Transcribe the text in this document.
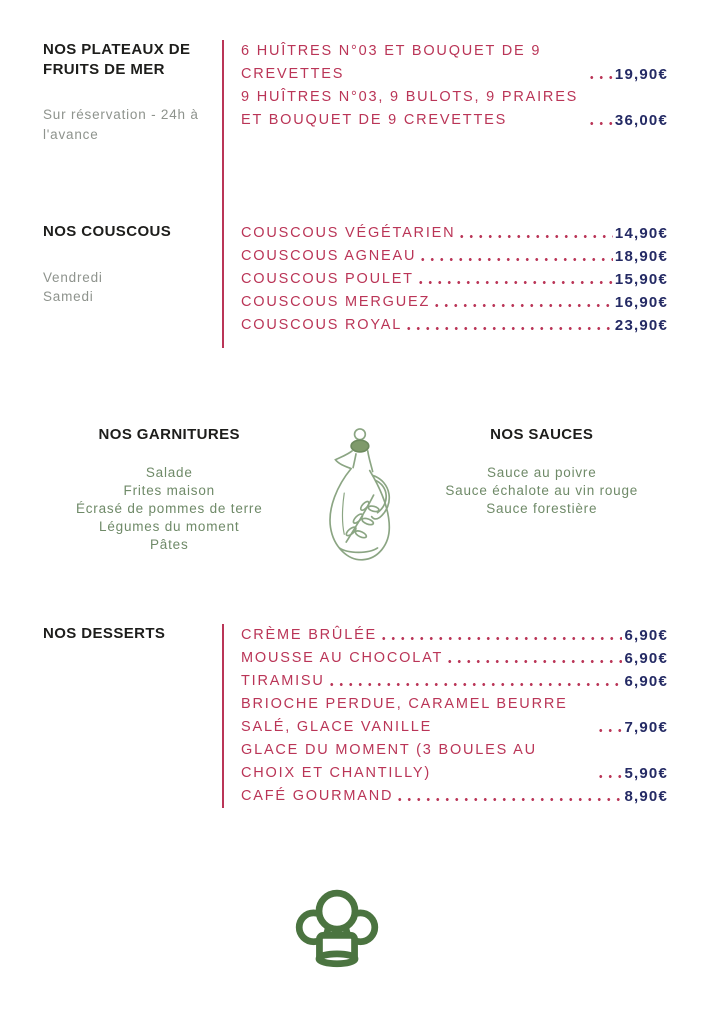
NOS PLATEAUX DE FRUITS DE MER
Sur réservation - 24h à l'avance
6 HUÎTRES N°03 ET BOUQUET DE 9 CREVETTES	19,90€
9 HUÎTRES N°03, 9 BULOTS, 9 PRAIRES ET BOUQUET DE 9 CREVETTES	36,00€
NOS COUSCOUS
Vendredi
Samedi
COUSCOUS VÉGÉTARIEN	14,90€
COUSCOUS AGNEAU	18,90€
COUSCOUS POULET	15,90€
COUSCOUS MERGUEZ	16,90€
COUSCOUS ROYAL	23,90€
NOS GARNITURES
Salade
Frites maison
Écrasé de pommes de terre
Légumes du moment
Pâtes
NOS SAUCES
Sauce au poivre
Sauce échalote au vin rouge
Sauce forestière
NOS DESSERTS	CRÈME BRÛLÉE	6,90€
MOUSSE AU CHOCOLAT	6,90€
TIRAMISU	6,90€
BRIOCHE PERDUE, CARAMEL BEURRE SALÉ, GLACE VANILLE	7,90€
GLACE DU MOMENT (3 BOULES AU CHOIX ET CHANTILLY)	5,90€
CAFÉ GOURMAND	8,90€
